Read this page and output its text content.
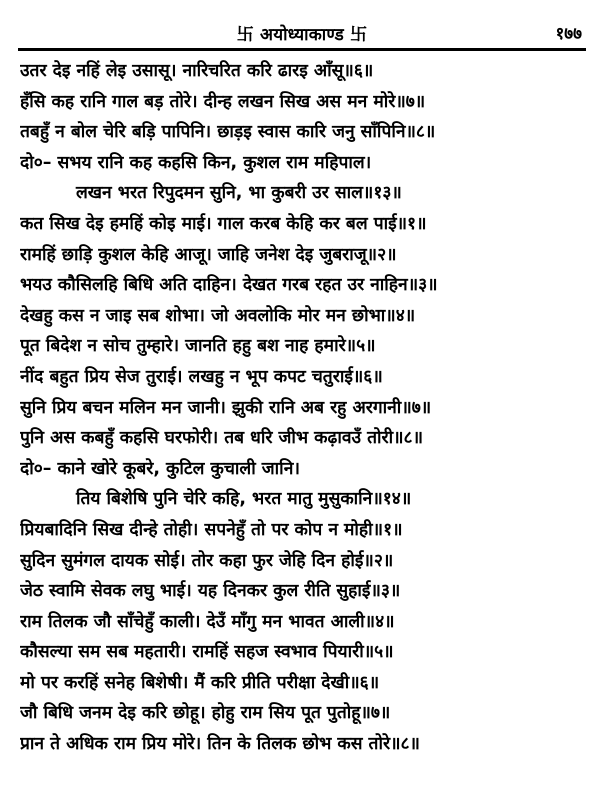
卐 अयोध्याकाण्ड 卐	१७७
उतर देइ नहिं लेइ उसासू। नारिचरित करि ढारइ आँसू॥६॥
हँसि कह रानि गाल बड़ तोरे। दीन्ह लखन सिख अस मन मोरे॥७॥
तबहुँ न बोल चेरि बड़ि पापिनि। छाड़इ स्वास कारि जनु साँपिनि॥८॥
दो०– सभय रानि कह कहसि किन, कुशल राम महिपाल।
लखन भरत रिपुदमन सुनि, भा कुबरी उर साल॥१३॥
कत सिख देइ हमहिं कोइ माई। गाल करब केहि कर बल पाई॥१॥
रामहिं छाड़ि कुशल केहि आजू। जाहि जनेश देइ जुबराजू॥२॥
भयउ कौसिलहि बिधि अति दाहिन। देखत गरब रहत उर नाहिन॥३॥
देखहु कस न जाइ सब शोभा। जो अवलोकि मोर मन छोभा॥४॥
पूत बिदेश न सोच तुम्हारे। जानति हहु बश नाह हमारे॥५॥
नींद बहुत प्रिय सेज तुराई। लखहु न भूप कपट चतुराई॥६॥
सुनि प्रिय बचन मलिन मन जानी। झुकी रानि अब रहु अरगानी॥७॥
पुनि अस कबहुँ कहसि घरफोरी। तब धरि जीभ कढ़ावउँ तोरी॥८॥
दो०– काने खोरे कूबरे, कुटिल कुचाली जानि।
तिय बिशेषि पुनि चेरि कहि, भरत मातु मुसुकानि॥१४॥
प्रियबादिनि सिख दीन्हे तोही। सपनेहुँ तो पर कोप न मोही॥१॥
सुदिन सुमंगल दायक सोई। तोर कहा फुर जेहि दिन होई॥२॥
जेठ स्वामि सेवक लघु भाई। यह दिनकर कुल रीति सुहाई॥३॥
राम तिलक जौ साँचेहुँ काली। देउँ माँगु मन भावत आली॥४॥
कौसल्या सम सब महतारी। रामहिं सहज स्वभाव पियारी॥५॥
मो पर करहिं सनेह बिशेषी। मैं करि प्रीति परीक्षा देखी॥६॥
जौ बिधि जनम देइ करि छोहू। होहु राम सिय पूत पुतोहू॥७॥
प्रान ते अधिक राम प्रिय मोरे। तिन के तिलक छोभ कस तोरे॥८॥
